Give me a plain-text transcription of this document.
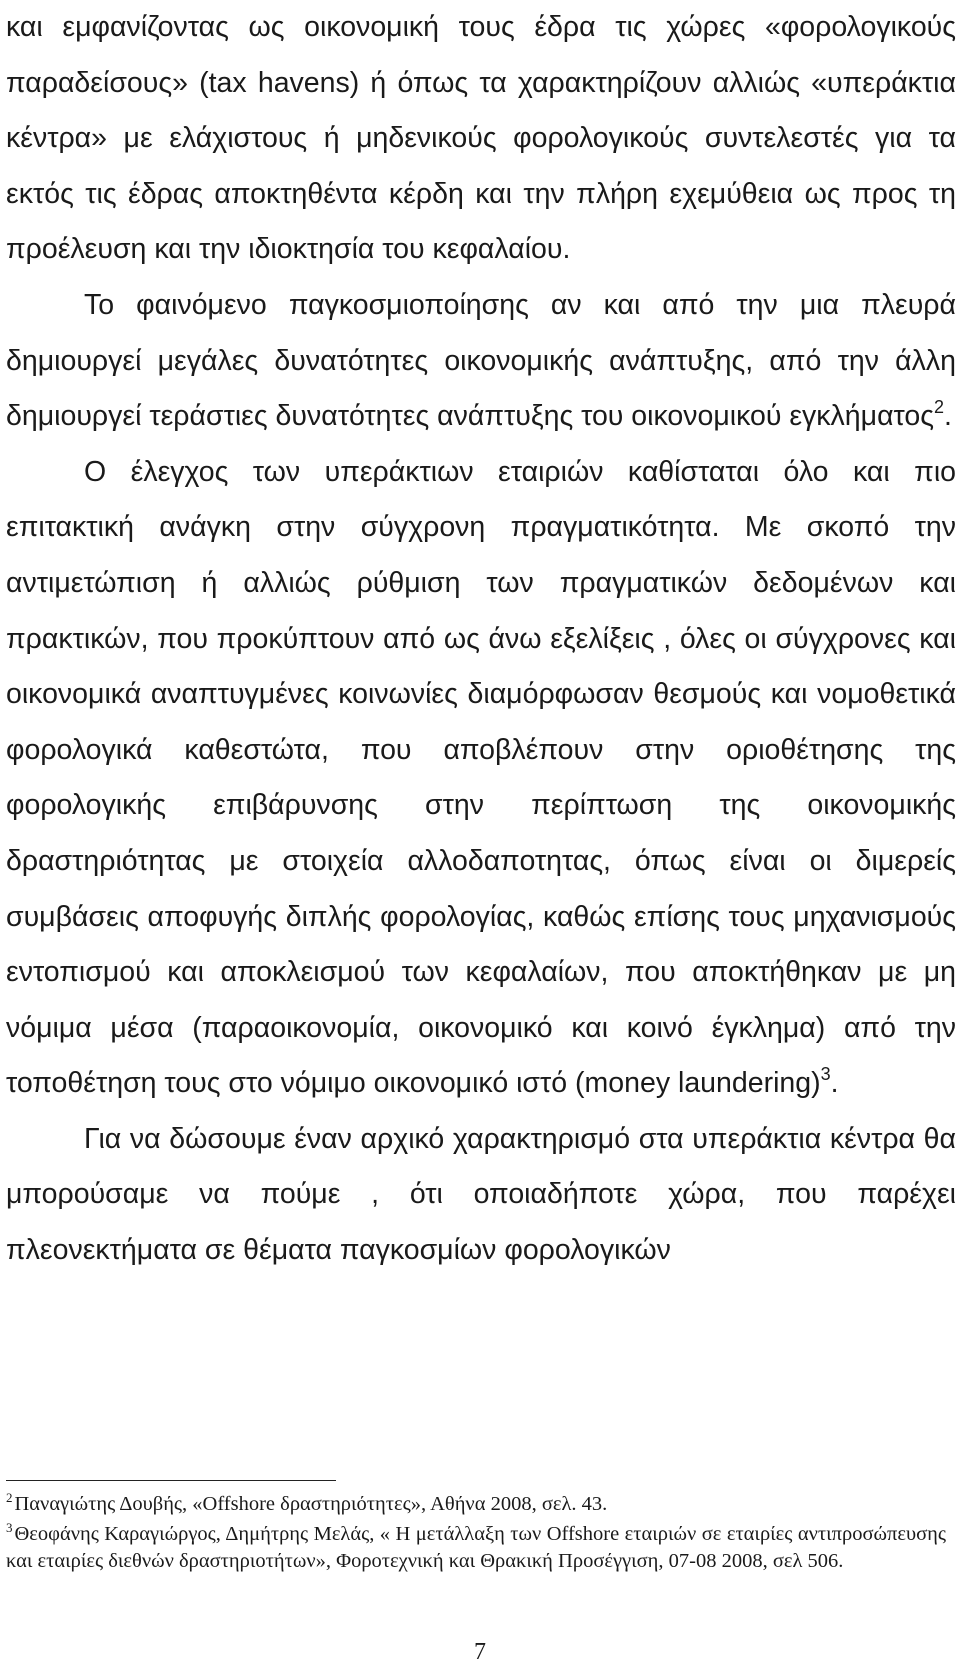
και εμφανίζοντας ως οικονομική τους έδρα τις χώρες «φορολογικούς παραδείσους» (tax havens) ή όπως τα χαρακτηρίζουν αλλιώς «υπεράκτια κέντρα» με ελάχιστους ή μηδενικούς φορολογικούς συντελεστές για τα εκτός τις έδρας αποκτηθέντα κέρδη και την πλήρη εχεμύθεια ως προς τη προέλευση και την ιδιοκτησία του κεφαλαίου.

Το φαινόμενο παγκοσμιοποίησης αν και από την μια πλευρά δημιουργεί μεγάλες δυνατότητες οικονομικής ανάπτυξης, από την άλλη δημιουργεί τεράστιες δυνατότητες ανάπτυξης του οικονομικού εγκλήματος$^2$.

Ο έλεγχος των υπεράκτιων εταιριών καθίσταται όλο και πιο επιτακτική ανάγκη στην σύγχρονη πραγματικότητα. Με σκοπό την αντιμετώπιση ή αλλιώς ρύθμιση των πραγματικών δεδομένων και πρακτικών, που προκύπτουν από ως άνω εξελίξεις , όλες οι σύγχρονες και οικονομικά αναπτυγμένες κοινωνίες διαμόρφωσαν θεσμούς και νομοθετικά φορολογικά καθεστώτα, που αποβλέπουν στην οριοθέτησης της φορολογικής επιβάρυνσης στην περίπτωση της οικονομικής δραστηριότητας με στοιχεία αλλοδαποτητας, όπως είναι οι διμερείς συμβάσεις αποφυγής διπλής φορολογίας, καθώς επίσης τους μηχανισμούς εντοπισμού και αποκλεισμού των κεφαλαίων, που αποκτήθηκαν με μη νόμιμα μέσα (παραοικονομία, οικονομικό και κοινό έγκλημα) από την τοποθέτηση τους στο νόμιμο οικονομικό ιστό (money laundering)$^3$.

Για να δώσουμε έναν αρχικό χαρακτηρισμό στα υπεράκτια κέντρα θα μπορούσαμε να πούμε , ότι οποιαδήποτε χώρα, που παρέχει πλεονεκτήματα σε θέματα παγκοσμίων φορολογικών

$^2$Παναγιώτης Δουβής, «Offshore δραστηριότητες», Αθήνα 2008, σελ. 43.

$^3$Θεοφάνης Καραγιώργος, Δημήτρης Μελάς, « Η μετάλλαξη των Offshore εταιριών σε εταιρίες αντιπροσώπευσης και εταιρίες διεθνών δραστηριοτήτων», Φοροτεχνική και Θρακική Προσέγγιση, 07-08 2008, σελ 506.

7
